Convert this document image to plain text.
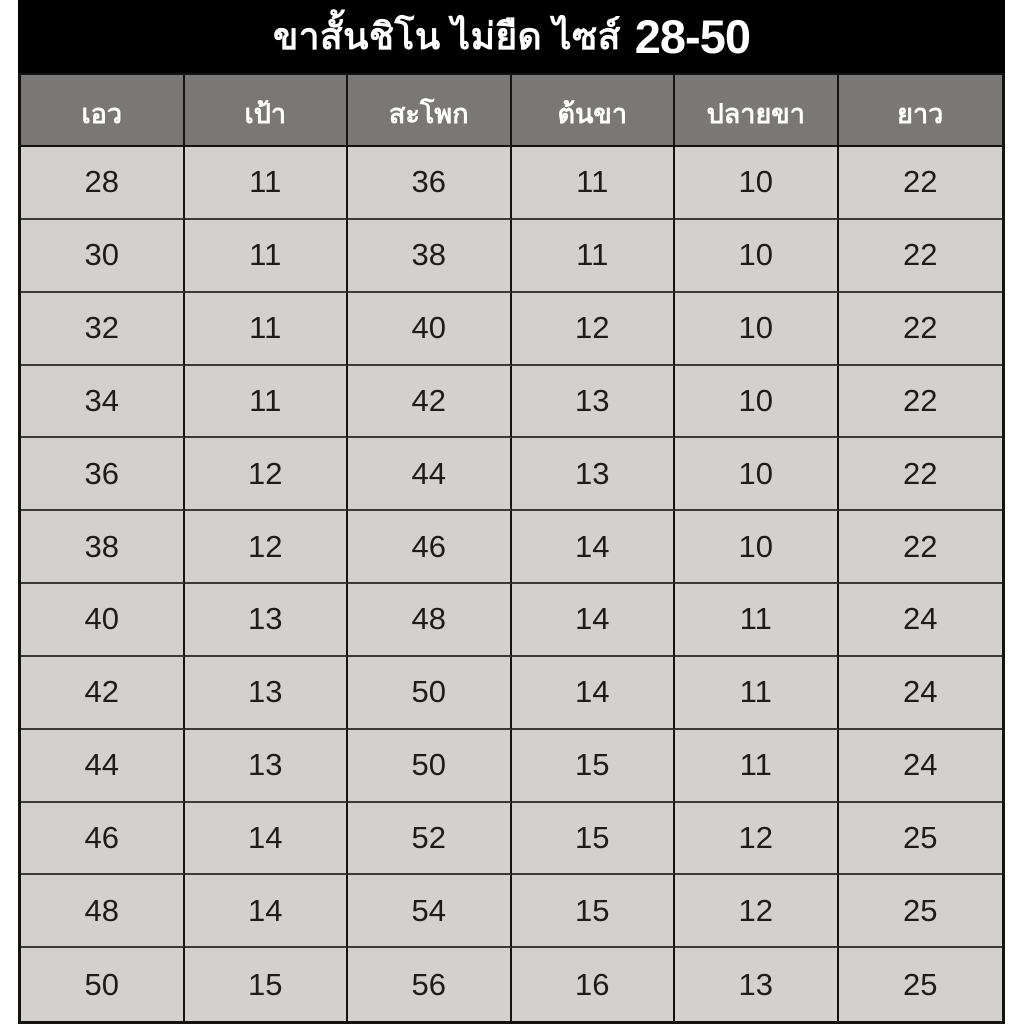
ขาสั้นชิโน ไม่ยืด ไซส์ 28-50
เอว	เป้า	สะโพก	ต้นขา	ปลายขา	ยาว
28	11	36	11	10	22
30	11	38	11	10	22
32	11	40	12	10	22
34	11	42	13	10	22
36	12	44	13	10	22
38	12	46	14	10	22
40	13	48	14	11	24
42	13	50	14	11	24
44	13	50	15	11	24
46	14	52	15	12	25
48	14	54	15	12	25
50	15	56	16	13	25
